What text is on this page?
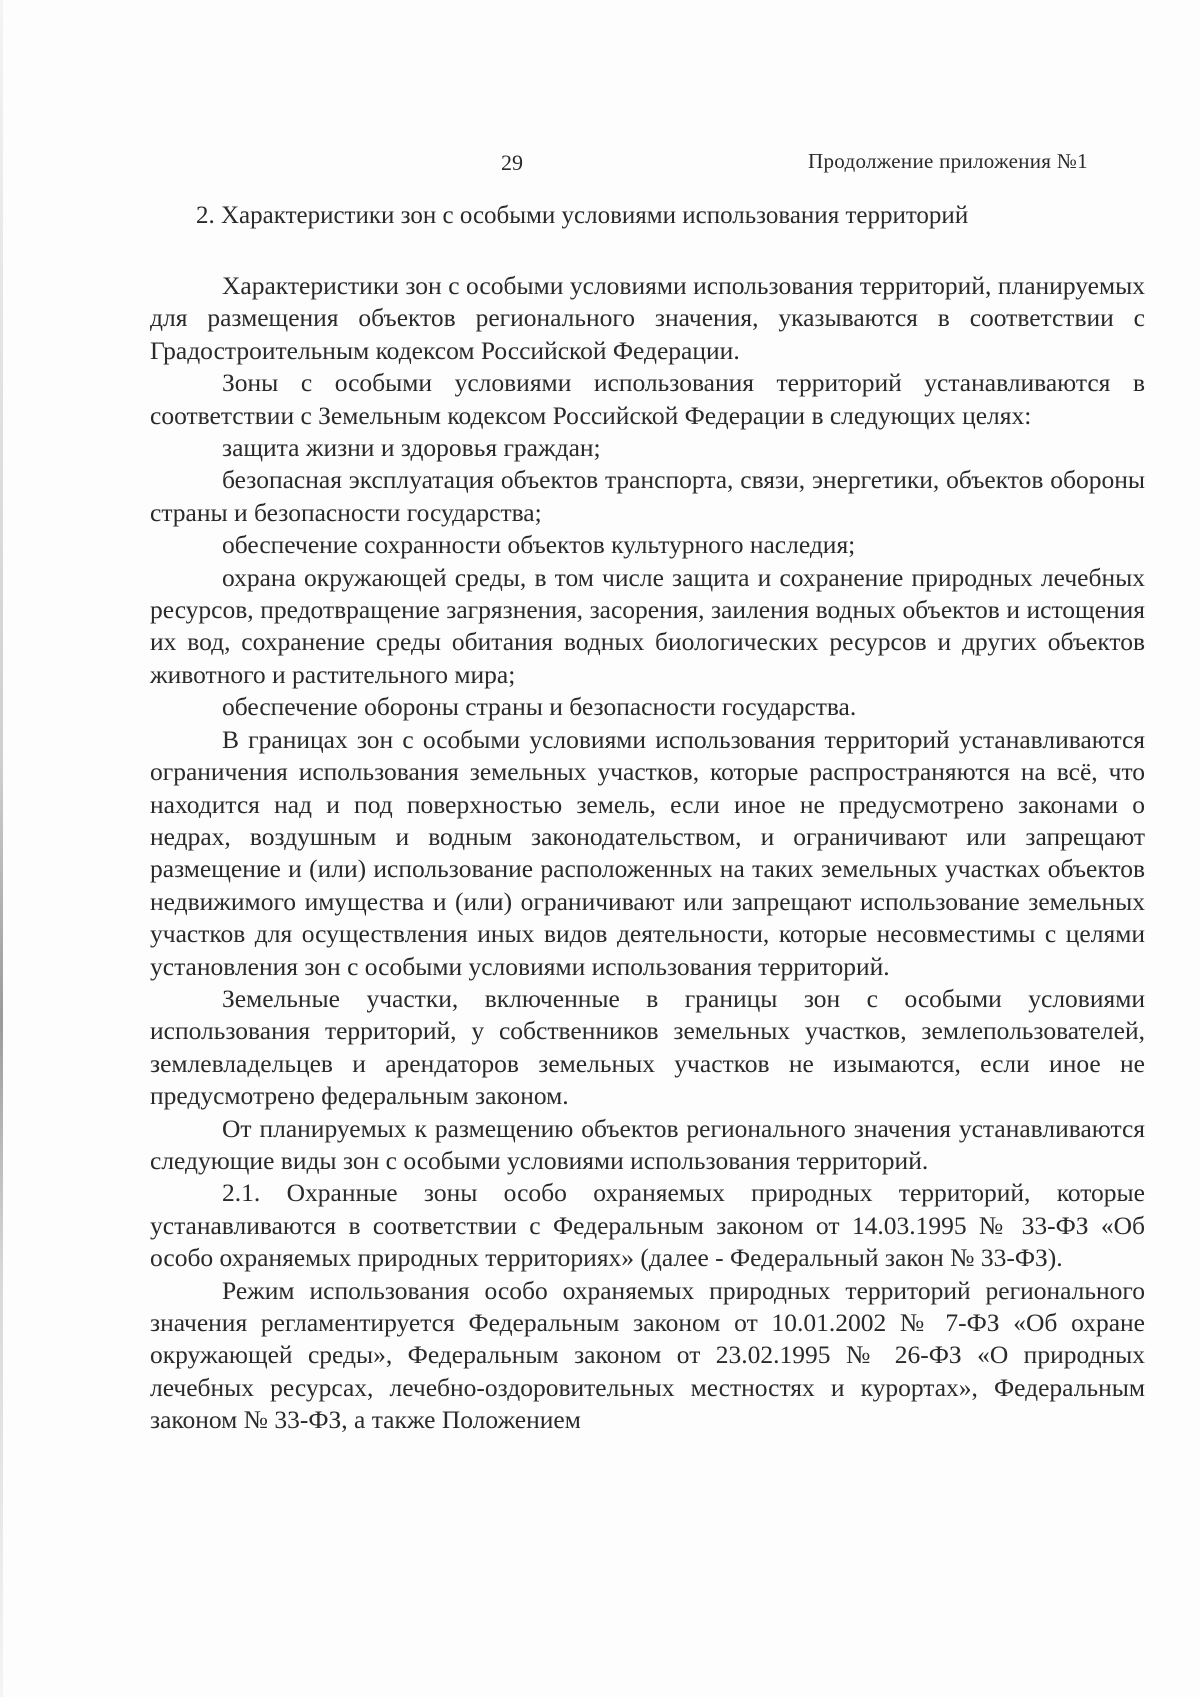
29	Продолжение приложения №1
2. Характеристики зон с особыми условиями использования территорий

Характеристики зон с особыми условиями использования территорий, планируемых для размещения объектов регионального значения, указываются в соответствии с Градостроительным кодексом Российской Федерации.

Зоны с особыми условиями использования территорий устанавливаются в соответствии с Земельным кодексом Российской Федерации в следующих целях:

защита жизни и здоровья граждан;

безопасная эксплуатация объектов транспорта, связи, энергетики, объектов обороны страны и безопасности государства;

обеспечение сохранности объектов культурного наследия;

охрана окружающей среды, в том числе защита и сохранение природных лечебных ресурсов, предотвращение загрязнения, засорения, заиления водных объектов и истощения их вод, сохранение среды обитания водных биологических ресурсов и других объектов животного и растительного мира;

обеспечение обороны страны и безопасности государства.

В границах зон с особыми условиями использования территорий устанавливаются ограничения использования земельных участков, которые распространяются на всё, что находится над и под поверхностью земель, если иное не предусмотрено законами о недрах, воздушным и водным законодательством, и ограничивают или запрещают размещение и (или) использование расположенных на таких земельных участках объектов недвижимого имущества и (или) ограничивают или запрещают использование земельных участков для осуществления иных видов деятельности, которые несовместимы с целями установления зон с особыми условиями использования территорий.

Земельные участки, включенные в границы зон с особыми условиями использования территорий, у собственников земельных участков, землепользователей, землевладельцев и арендаторов земельных участков не изымаются, если иное не предусмотрено федеральным законом.

От планируемых к размещению объектов регионального значения устанавливаются следующие виды зон с особыми условиями использования территорий.

2.1. Охранные зоны особо охраняемых природных территорий, которые устанавливаются в соответствии с Федеральным законом от 14.03.1995 № 33-ФЗ «Об особо охраняемых природных территориях» (далее - Федеральный закон № 33-ФЗ).

Режим использования особо охраняемых природных территорий регионального значения регламентируется Федеральным законом от 10.01.2002 № 7-ФЗ «Об охране окружающей среды», Федеральным законом от 23.02.1995 № 26-ФЗ «О природных лечебных ресурсах, лечебно-оздоровительных местностях и курортах», Федеральным законом № 33-ФЗ, а также Положением
